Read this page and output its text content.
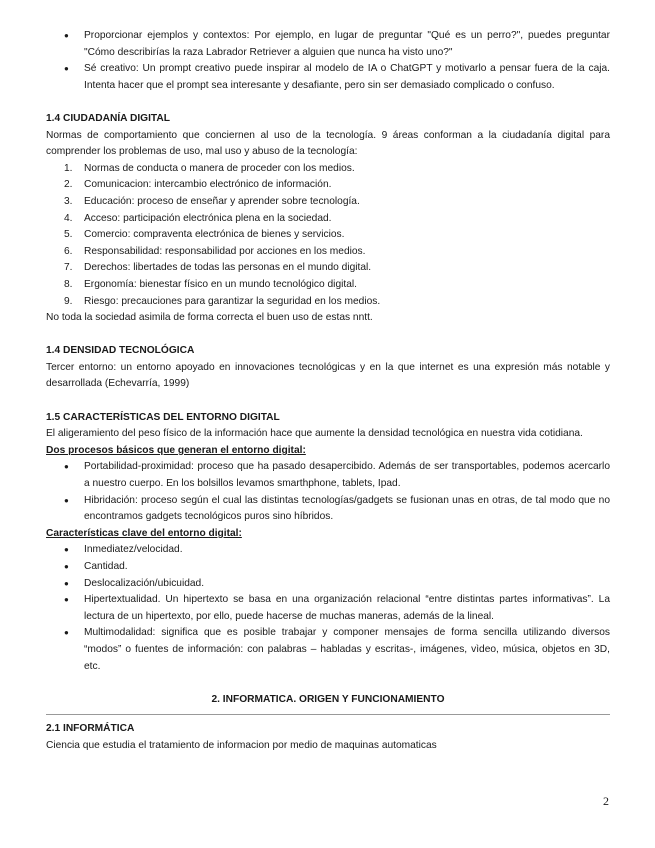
● Proporcionar ejemplos y contextos: Por ejemplo, en lugar de preguntar "Qué es un perro?", puedes preguntar "Cómo describirías la raza Labrador Retriever a alguien que nunca ha visto uno?"
● Sé creativo: Un prompt creativo puede inspirar al modelo de IA o ChatGPT y motivarlo a pensar fuera de la caja. Intenta hacer que el prompt sea interesante y desafiante, pero sin ser demasiado complicado o confuso.
1.4 CIUDADANÍA DIGITAL

Normas de comportamiento que conciernen al uso de la tecnología. 9 áreas conforman a la ciudadanía digital para comprender los problemas de uso, mal uso y abuso de la tecnología:

1. Normas de conducta o manera de proceder con los medios.
2. Comunicacion: intercambio electrónico de información.
3. Educación: proceso de enseñar y aprender sobre tecnología.
4. Acceso: participación electrónica plena en la sociedad.
5. Comercio: compraventa electrónica de bienes y servicios.
6. Responsabilidad: responsabilidad por acciones en los medios.
7. Derechos: libertades de todas las personas en el mundo digital.
8. Ergonomía: bienestar físico en un mundo tecnológico digital.
9. Riesgo: precauciones para garantizar la seguridad en los medios.

No toda la sociedad asimila de forma correcta el buen uso de estas nntt.

1.4 DENSIDAD TECNOLÓGICA

Tercer entorno: un entorno apoyado en innovaciones tecnológicas y en la que internet es una expresión más notable y desarrollada (Echevarría, 1999)

1.5 CARACTERÍSTICAS DEL ENTORNO DIGITAL

El aligeramiento del peso físico de la información hace que aumente la densidad tecnológica en nuestra vida cotidiana.

Dos procesos básicos que generan el entorno digital:

● Portabilidad-proximidad: proceso que ha pasado desapercibido. Además de ser transportables, podemos acercarlo a nuestro cuerpo. En los bolsillos levamos smarthphone, tablets, Ipad.
● Hibridación: proceso según el cual las distintas tecnologías/gadgets se fusionan unas en otras, de tal modo que no encontramos gadgets tecnológicos puros sino híbridos.

Características clave del entorno digital:

● Inmediatez/velocidad.
● Cantidad.
● Deslocalización/ubicuidad.
● Hipertextualidad. Un hipertexto se basa en una organización relacional “entre distintas partes informativas”. La lectura de un hipertexto, por ello, puede hacerse de muchas maneras, además de la lineal.
● Multimodalidad: significa que es posible trabajar y componer mensajes de forma sencilla utilizando diversos “modos” o fuentes de información: con palabras – habladas y escritas-, imágenes, vìdeo, música, objetos en 3D, etc.

2. INFORMATICA. ORIGEN Y FUNCIONAMIENTO

2.1 INFORMÁTICA

Ciencia que estudia el tratamiento de informacion por medio de maquinas automaticas

2
